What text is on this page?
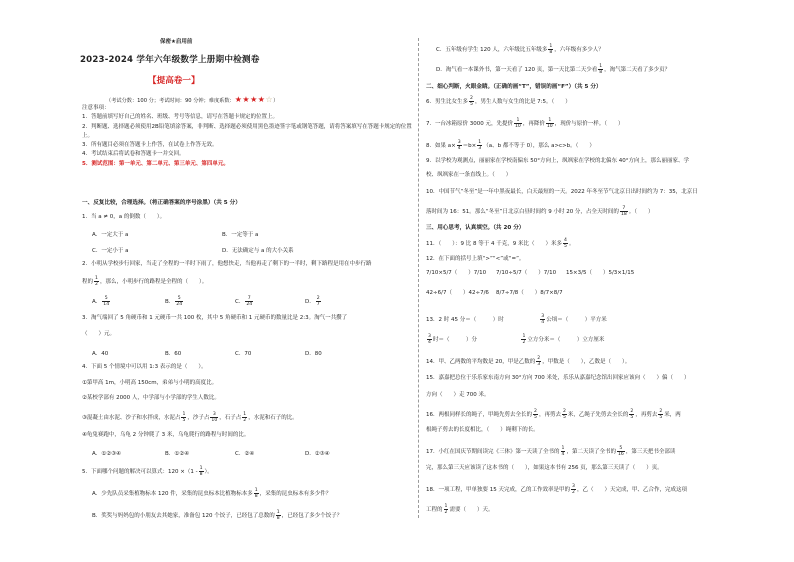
保密★启用前
2023-2024 学年六年级数学上册期中检测卷
【提高卷一】
（考试分数：100 分；考试时间：90 分钟；难度系数：★★★★☆）
注意事项：
1．答题前填写好自己的姓名、班级、考号等信息，请写在答题卡规定的位置上。
2．判断题、选择题必须使用2B铅笔填涂答案，非判断、选择题必须使用黑色墨迹签字笔或钢笔答题，请将答案填写在答题卡规定的位置上。
3．所有题目必须在答题卡上作答，在试卷上作答无效。
4．考试结束后将试卷和答题卡一并交回。
5．测试范围：第一单元、第二单元、第三单元、第四单元。
一、反复比较，合理选择。（将正确答案的序号涂黑）（共 5 分）
1．当 a ≠ 0，a 的倒数（　　）。
A．一定大于 a	B．一定等于 a
C．一定小于 a	D．无法确定与 a 的大小关系
2．小明从学校步行回家，当走了全程的一半时下雨了，他想快走，当他再走了剩下的一半时，剩下路程是用在中步行路
程的 $\frac{1}{2}$ ，那么，小明步行的路程是全程的（　　）。
A． $\frac{5}{14}$	B． $\frac{5}{24}$	C． $\frac{7}{24}$	D． $\frac{2}{7}$
3．淘气端回了 5 角硬币和 1 元硬币一共 100 枚，其中 5 角硬币和 1 元硬币的数量比是 2:3。淘气一共攒了
（　　）元。
A．40	B．60	C．70	D．80
4．下面 5 个情境中可以用 1:3 表示的是（　　）。
①第甲高 1m，小明高 150cm，弟弟与小明的高度比。
②某校学部有 2000 人，中学部与小学部的学生人数比。
③混凝土由水泥、沙子和水拌成，水泥占 $\frac{1}{5}$ ，沙子占 $\frac{3}{10}$ ，石子占 $\frac{1}{2}$ ，水泥和石子的比。
④龟兔赛跑中，乌龟 2 分钟爬了 3 米，乌龟爬行的路程与时间的比。
A．①②③④	B．①②④	C．②④	D．②③④
5．下面哪个问题的解决可以算式：$120 \times(1 - \frac{1}{8}$ ）。
A．少先队员采集植物标本 120 件，采集的昆虫标本比植物标本多 $\frac{1}{8}$ ，采集的昆虫标本有多少件？
B．奖奖与妈妈包的小朋友去其她家，准备包 120 个饺子，已经包了总数的 $\frac{1}{8}$ ，已经包了多少个饺子？
C．五年级有学生 120 人，六年级比五年级多 $\frac{1}{8}$ ，六年级有多少人？
D．淘气看一本课外书，第一天看了 120 页，第一天比第二天少看 $\frac{1}{8}$ ，淘气第二天看了多少页？
二、细心判断，火眼金睛。（正确的画“T”，错误的画“F”）（共 5 分）
6．男生比女生多 $\frac{2}{5}$ ，男生人数与女生的比是 7:5。（　　）
7．一台冰箱原价 3000 元，先提价 $\frac{1}{10}$ ，再降价 $\frac{1}{10}$ ，现价与原价一样。（　　）
8．如果 $a\times \frac{3}{4} =b\times \frac{1}{3} (a$、b 都不等于 0），那么 a>c>b。（　　）
9．以学校为观测点，丽丽家在学校南偏东 50°方向上，飒飒家在学校的北偏东 40°方向上，那么丽丽家、学
校、飒飒家在一条直线上。（　　）
10．中国节气“冬至”是一年中黑夜最长，白天最短的一天。2022 年冬至节气北京日出时间约为 7：35，北京日
落时间为 16：51。那么“冬至”日北京白昼时间约 9 小时 20 分，占全天时间的 $\frac{7}{18}$ 。（　　）
三、用心思考，认真填空。（共 20 分）
11．（　　）：9 比 8 等于 4 千克，9 米比（　　）米多 $\frac{4}{5}$ 。
12．在下面的括号上填“>”“<”或“=”。
7/10×5/7（　　）7/10 7/10÷5/7（　　）7/10 15×3/5（　　）5/3×1/15
42÷6/7（　　）42÷7/6 8/7÷7/8（　　）8/7×8/7
13．2 时 45 分＝（　　　）时	$\frac{3}{4}$ 公顷＝（　　　）平方米
$\frac{3}{4}$ 时＝（　　　）分	$\frac{1}{2}$ 立方分米＝（　　　）立方厘米
14．甲、乙两数的平均数是 20，甲是乙数的 $\frac{2}{3}$ ，甲数是（　　），乙数是（　　）。
15．嘉嘉把总位于乐乐家东南方向 30°方向 700 米处，乐乐从嘉嘉纪念馆出回家应该向（　　）偏（　　）
方向（　　）走 700 米。
16．两根同样长的绳子，甲绳先剪去全长的 $\frac{2}{5}$ ，再剪去 $\frac{2}{5}$ 米，乙绳子先剪去全长的 $\frac{2}{5}$ ，再剪去 $\frac{2}{5}$ 米，两
根绳子剪去的长度相比，（　　）绳剩下的长。
17．小红在国庆节期间读完《三体》第一天读了全书的 $\frac{1}{4}$ ，第二天读了全书的 $\frac{5}{16}$ ，第三天把书全部读
完，那么第三天应该读了这本书的（　　），如果这本书有 256 页，那么第三天读了（　　）页。
18．一项工程，甲单独要 15 天完成，乙的工作效率是甲的 $\frac{3}{2}$ ，乙（　　）天完成，甲、乙合作，完成这项
工程的 $\frac{1}{2}$ 需要（　　）天。
